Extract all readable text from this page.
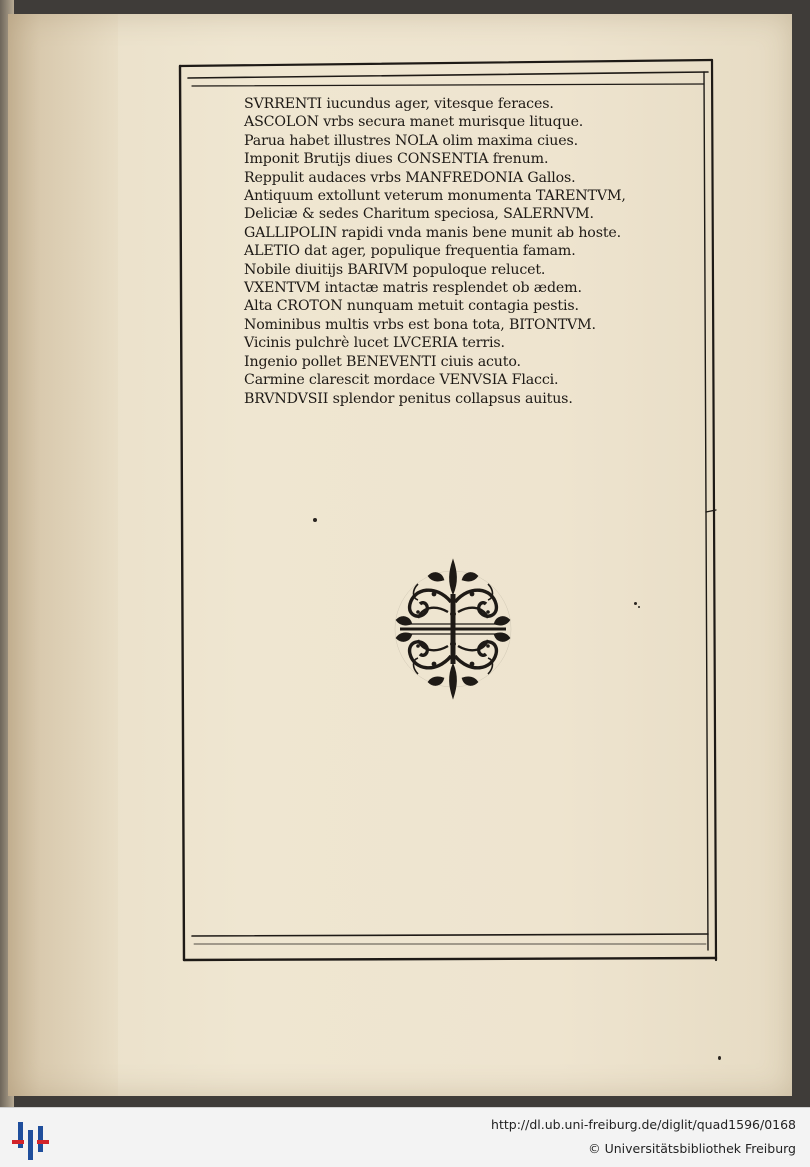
SVRRENTI iucundus ager, vitesque feraces.
ASCOLON vrbs secura manet murisque lituque.
Parua habet illustres NOLA olim maxima ciues.
Imponit Brutijs diues CONSENTIA frenum.
Reppulit audaces vrbs MANFREDONIA Gallos.
Antiquum extollunt veterum monumenta TARENTVM,
Deliciæ & sedes Charitum speciosa, SALERNVM.
GALLIPOLIN rapidi vnda manis bene munit ab hoste.
ALETIO dat ager, populique frequentia famam.
Nobile diuitijs BARIVM populoque relucet.
VXENTVM intactæ matris resplendet ob ædem.
Alta CROTON nunquam metuit contagia pestis.
Nominibus multis vrbs est bona tota, BITONTVM.
Vicinis pulchrè lucet LVCERIA terris.
Ingenio pollet BENEVENTI ciuis acuto.
Carmine clarescit mordace VENVSIA Flacci.
BRVNDVSII splendor penitus collapsus auitus.
http://dl.ub.uni-freiburg.de/diglit/quad1596/0168
© Universitätsbibliothek Freiburg
